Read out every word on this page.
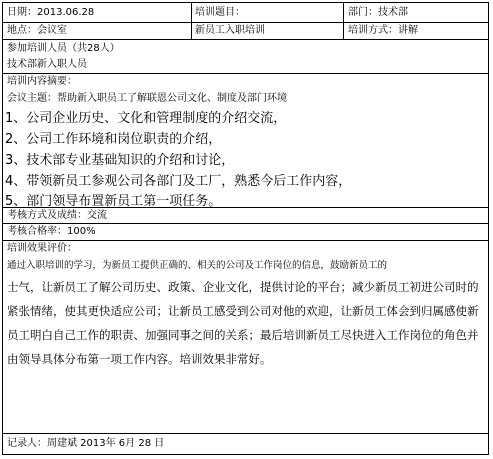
日期：2013.06.28	培训题目：	部门：技术部
地点：会议室	新员工入职培训	培训方式：讲解
参加培训人员（共28人）
技术部新入职人员
培训内容摘要：
会议主题：帮助新入职员工了解联恩公司文化、制度及部门环境
1、公司企业历史、文化和管理制度的介绍交流，
2、公司工作环境和岗位职责的介绍，
3、技术部专业基础知识的介绍和讨论，
4、带领新员工参观公司各部门及工厂，熟悉今后工作内容，
5、部门领导布置新员工第一项任务。
考核方式及成绩：交流
考核合格率：100%
培训效果评价：
通过入职培训的学习，为新员工提供正确的、相关的公司及工作岗位的信息，鼓励新员工的
士气，让新员工了解公司历史、政策、企业文化，提供讨论的平台；减少新员工初进公司时的紧张情绪，使其更快适应公司；让新员工感受到公司对他的欢迎，让新员工体会到归属感使新员工明白自己工作的职责、加强同事之间的关系；最后培训新员工尽快进入工作岗位的角色并由领导具体分布第一项工作内容。培训效果非常好。
记录人：周建斌 2013年 6月 28 日
